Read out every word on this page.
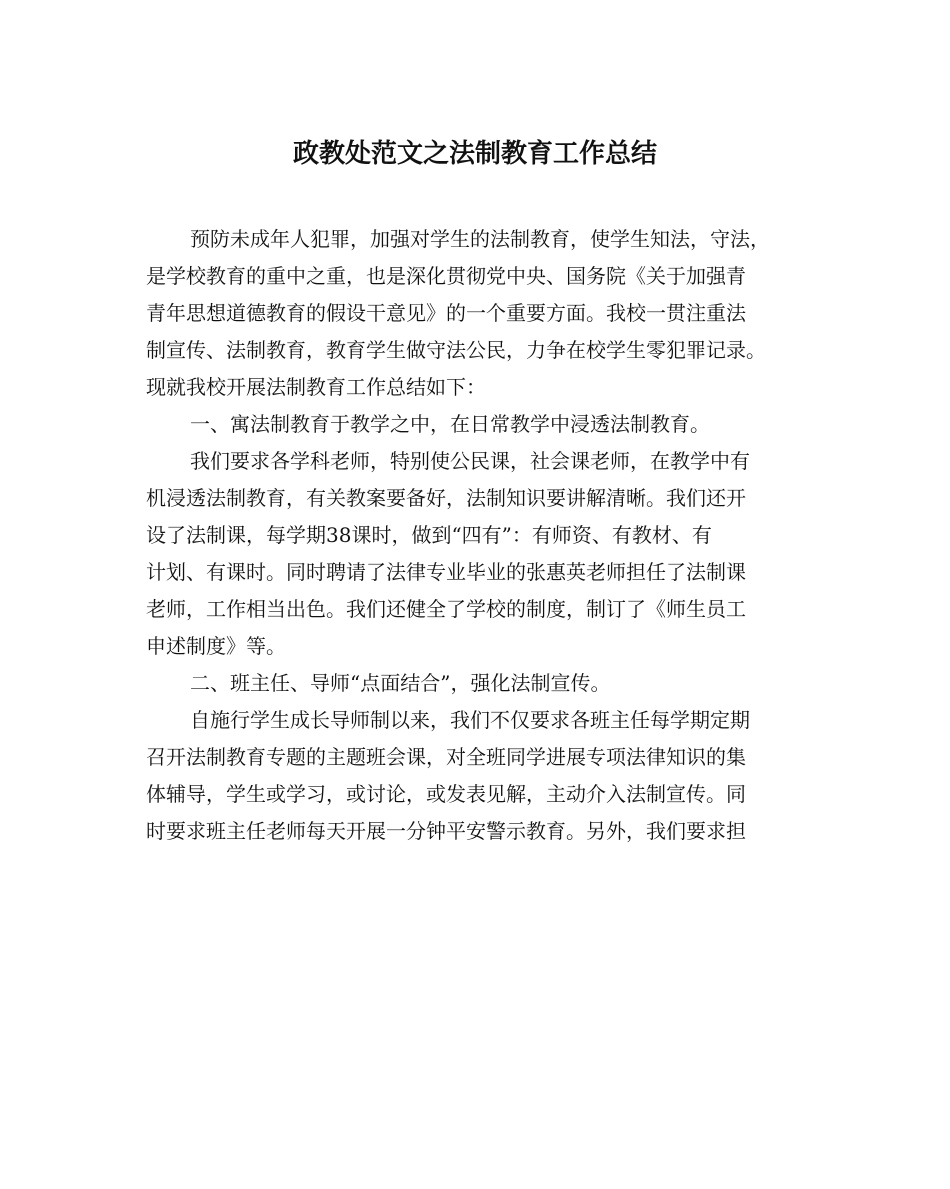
政教处范文之法制教育工作总结
预防未成年人犯罪，加强对学生的法制教育，使学生知法，守法，
是学校教育的重中之重，也是深化贯彻党中央、国务院《关于加强青
青年思想道德教育的假设干意见》的一个重要方面。我校一贯注重法
制宣传、法制教育，教育学生做守法公民，力争在校学生零犯罪记录。
现就我校开展法制教育工作总结如下：
一、寓法制教育于教学之中，在日常教学中浸透法制教育。
我们要求各学科老师，特别使公民课，社会课老师，在教学中有
机浸透法制教育，有关教案要备好，法制知识要讲解清晰。我们还开
设了法制课，每学期38课时，做到“四有”：有师资、有教材、有
计划、有课时。同时聘请了法律专业毕业的张惠英老师担任了法制课
老师，工作相当出色。我们还健全了学校的制度，制订了《师生员工
申述制度》等。
二、班主任、导师“点面结合”，强化法制宣传。
自施行学生成长导师制以来，我们不仅要求各班主任每学期定期
召开法制教育专题的主题班会课，对全班同学进展专项法律知识的集
体辅导，学生或学习，或讨论，或发表见解，主动介入法制宣传。同
时要求班主任老师每天开展一分钟平安警示教育。另外，我们要求担
